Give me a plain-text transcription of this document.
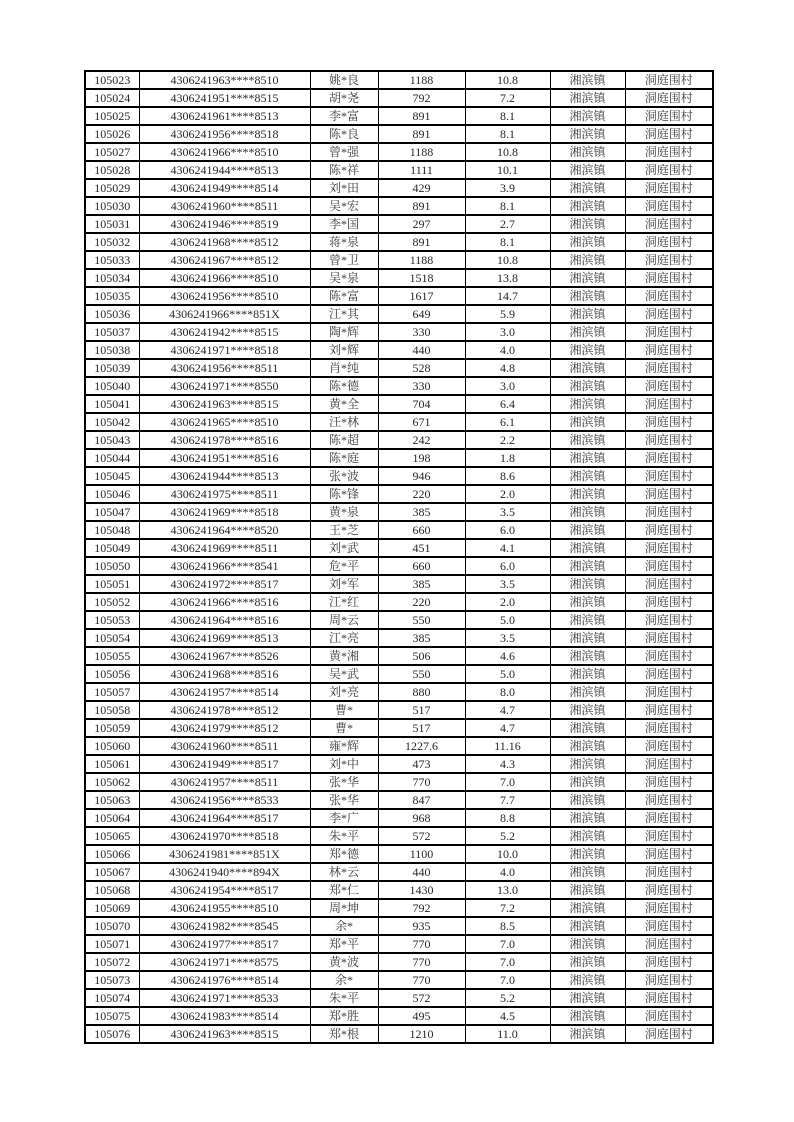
105023	4306241963****8510	姚*良	1188	10.8	湘滨镇	洞庭围村
105024	4306241951****8515	胡*尧	792	7.2	湘滨镇	洞庭围村
105025	4306241961****8513	李*富	891	8.1	湘滨镇	洞庭围村
105026	4306241956****8518	陈*良	891	8.1	湘滨镇	洞庭围村
105027	4306241966****8510	曾*强	1188	10.8	湘滨镇	洞庭围村
105028	4306241944****8513	陈*祥	1111	10.1	湘滨镇	洞庭围村
105029	4306241949****8514	刘*田	429	3.9	湘滨镇	洞庭围村
105030	4306241960****8511	吴*宏	891	8.1	湘滨镇	洞庭围村
105031	4306241946****8519	李*国	297	2.7	湘滨镇	洞庭围村
105032	4306241968****8512	蒋*泉	891	8.1	湘滨镇	洞庭围村
105033	4306241967****8512	曾*卫	1188	10.8	湘滨镇	洞庭围村
105034	4306241966****8510	吴*泉	1518	13.8	湘滨镇	洞庭围村
105035	4306241956****8510	陈*富	1617	14.7	湘滨镇	洞庭围村
105036	4306241966****851X	江*其	649	5.9	湘滨镇	洞庭围村
105037	4306241942****8515	陶*辉	330	3.0	湘滨镇	洞庭围村
105038	4306241971****8518	刘*辉	440	4.0	湘滨镇	洞庭围村
105039	4306241956****8511	肖*纯	528	4.8	湘滨镇	洞庭围村
105040	4306241971****8550	陈*德	330	3.0	湘滨镇	洞庭围村
105041	4306241963****8515	黄*全	704	6.4	湘滨镇	洞庭围村
105042	4306241965****8510	汪*林	671	6.1	湘滨镇	洞庭围村
105043	4306241978****8516	陈*超	242	2.2	湘滨镇	洞庭围村
105044	4306241951****8516	陈*庭	198	1.8	湘滨镇	洞庭围村
105045	4306241944****8513	张*波	946	8.6	湘滨镇	洞庭围村
105046	4306241975****8511	陈*锋	220	2.0	湘滨镇	洞庭围村
105047	4306241969****8518	黄*泉	385	3.5	湘滨镇	洞庭围村
105048	4306241964****8520	王*芝	660	6.0	湘滨镇	洞庭围村
105049	4306241969****8511	刘*武	451	4.1	湘滨镇	洞庭围村
105050	4306241966****8541	危*平	660	6.0	湘滨镇	洞庭围村
105051	4306241972****8517	刘*军	385	3.5	湘滨镇	洞庭围村
105052	4306241966****8516	江*红	220	2.0	湘滨镇	洞庭围村
105053	4306241964****8516	周*云	550	5.0	湘滨镇	洞庭围村
105054	4306241969****8513	江*亮	385	3.5	湘滨镇	洞庭围村
105055	4306241967****8526	黄*湘	506	4.6	湘滨镇	洞庭围村
105056	4306241968****8516	吴*武	550	5.0	湘滨镇	洞庭围村
105057	4306241957****8514	刘*亮	880	8.0	湘滨镇	洞庭围村
105058	4306241978****8512	曹*	517	4.7	湘滨镇	洞庭围村
105059	4306241979****8512	曹*	517	4.7	湘滨镇	洞庭围村
105060	4306241960****8511	雍*辉	1227.6	11.16	湘滨镇	洞庭围村
105061	4306241949****8517	刘*中	473	4.3	湘滨镇	洞庭围村
105062	4306241957****8511	张*华	770	7.0	湘滨镇	洞庭围村
105063	4306241956****8533	张*华	847	7.7	湘滨镇	洞庭围村
105064	4306241964****8517	李*广	968	8.8	湘滨镇	洞庭围村
105065	4306241970****8518	朱*平	572	5.2	湘滨镇	洞庭围村
105066	4306241981****851X	郑*德	1100	10.0	湘滨镇	洞庭围村
105067	4306241940****894X	林*云	440	4.0	湘滨镇	洞庭围村
105068	4306241954****8517	郑*仁	1430	13.0	湘滨镇	洞庭围村
105069	4306241955****8510	周*坤	792	7.2	湘滨镇	洞庭围村
105070	4306241982****8545	余*	935	8.5	湘滨镇	洞庭围村
105071	4306241977****8517	郑*平	770	7.0	湘滨镇	洞庭围村
105072	4306241971****8575	黄*波	770	7.0	湘滨镇	洞庭围村
105073	4306241976****8514	余*	770	7.0	湘滨镇	洞庭围村
105074	4306241971****8533	朱*平	572	5.2	湘滨镇	洞庭围村
105075	4306241983****8514	郑*胜	495	4.5	湘滨镇	洞庭围村
105076	4306241963****8515	郑*根	1210	11.0	湘滨镇	洞庭围村
